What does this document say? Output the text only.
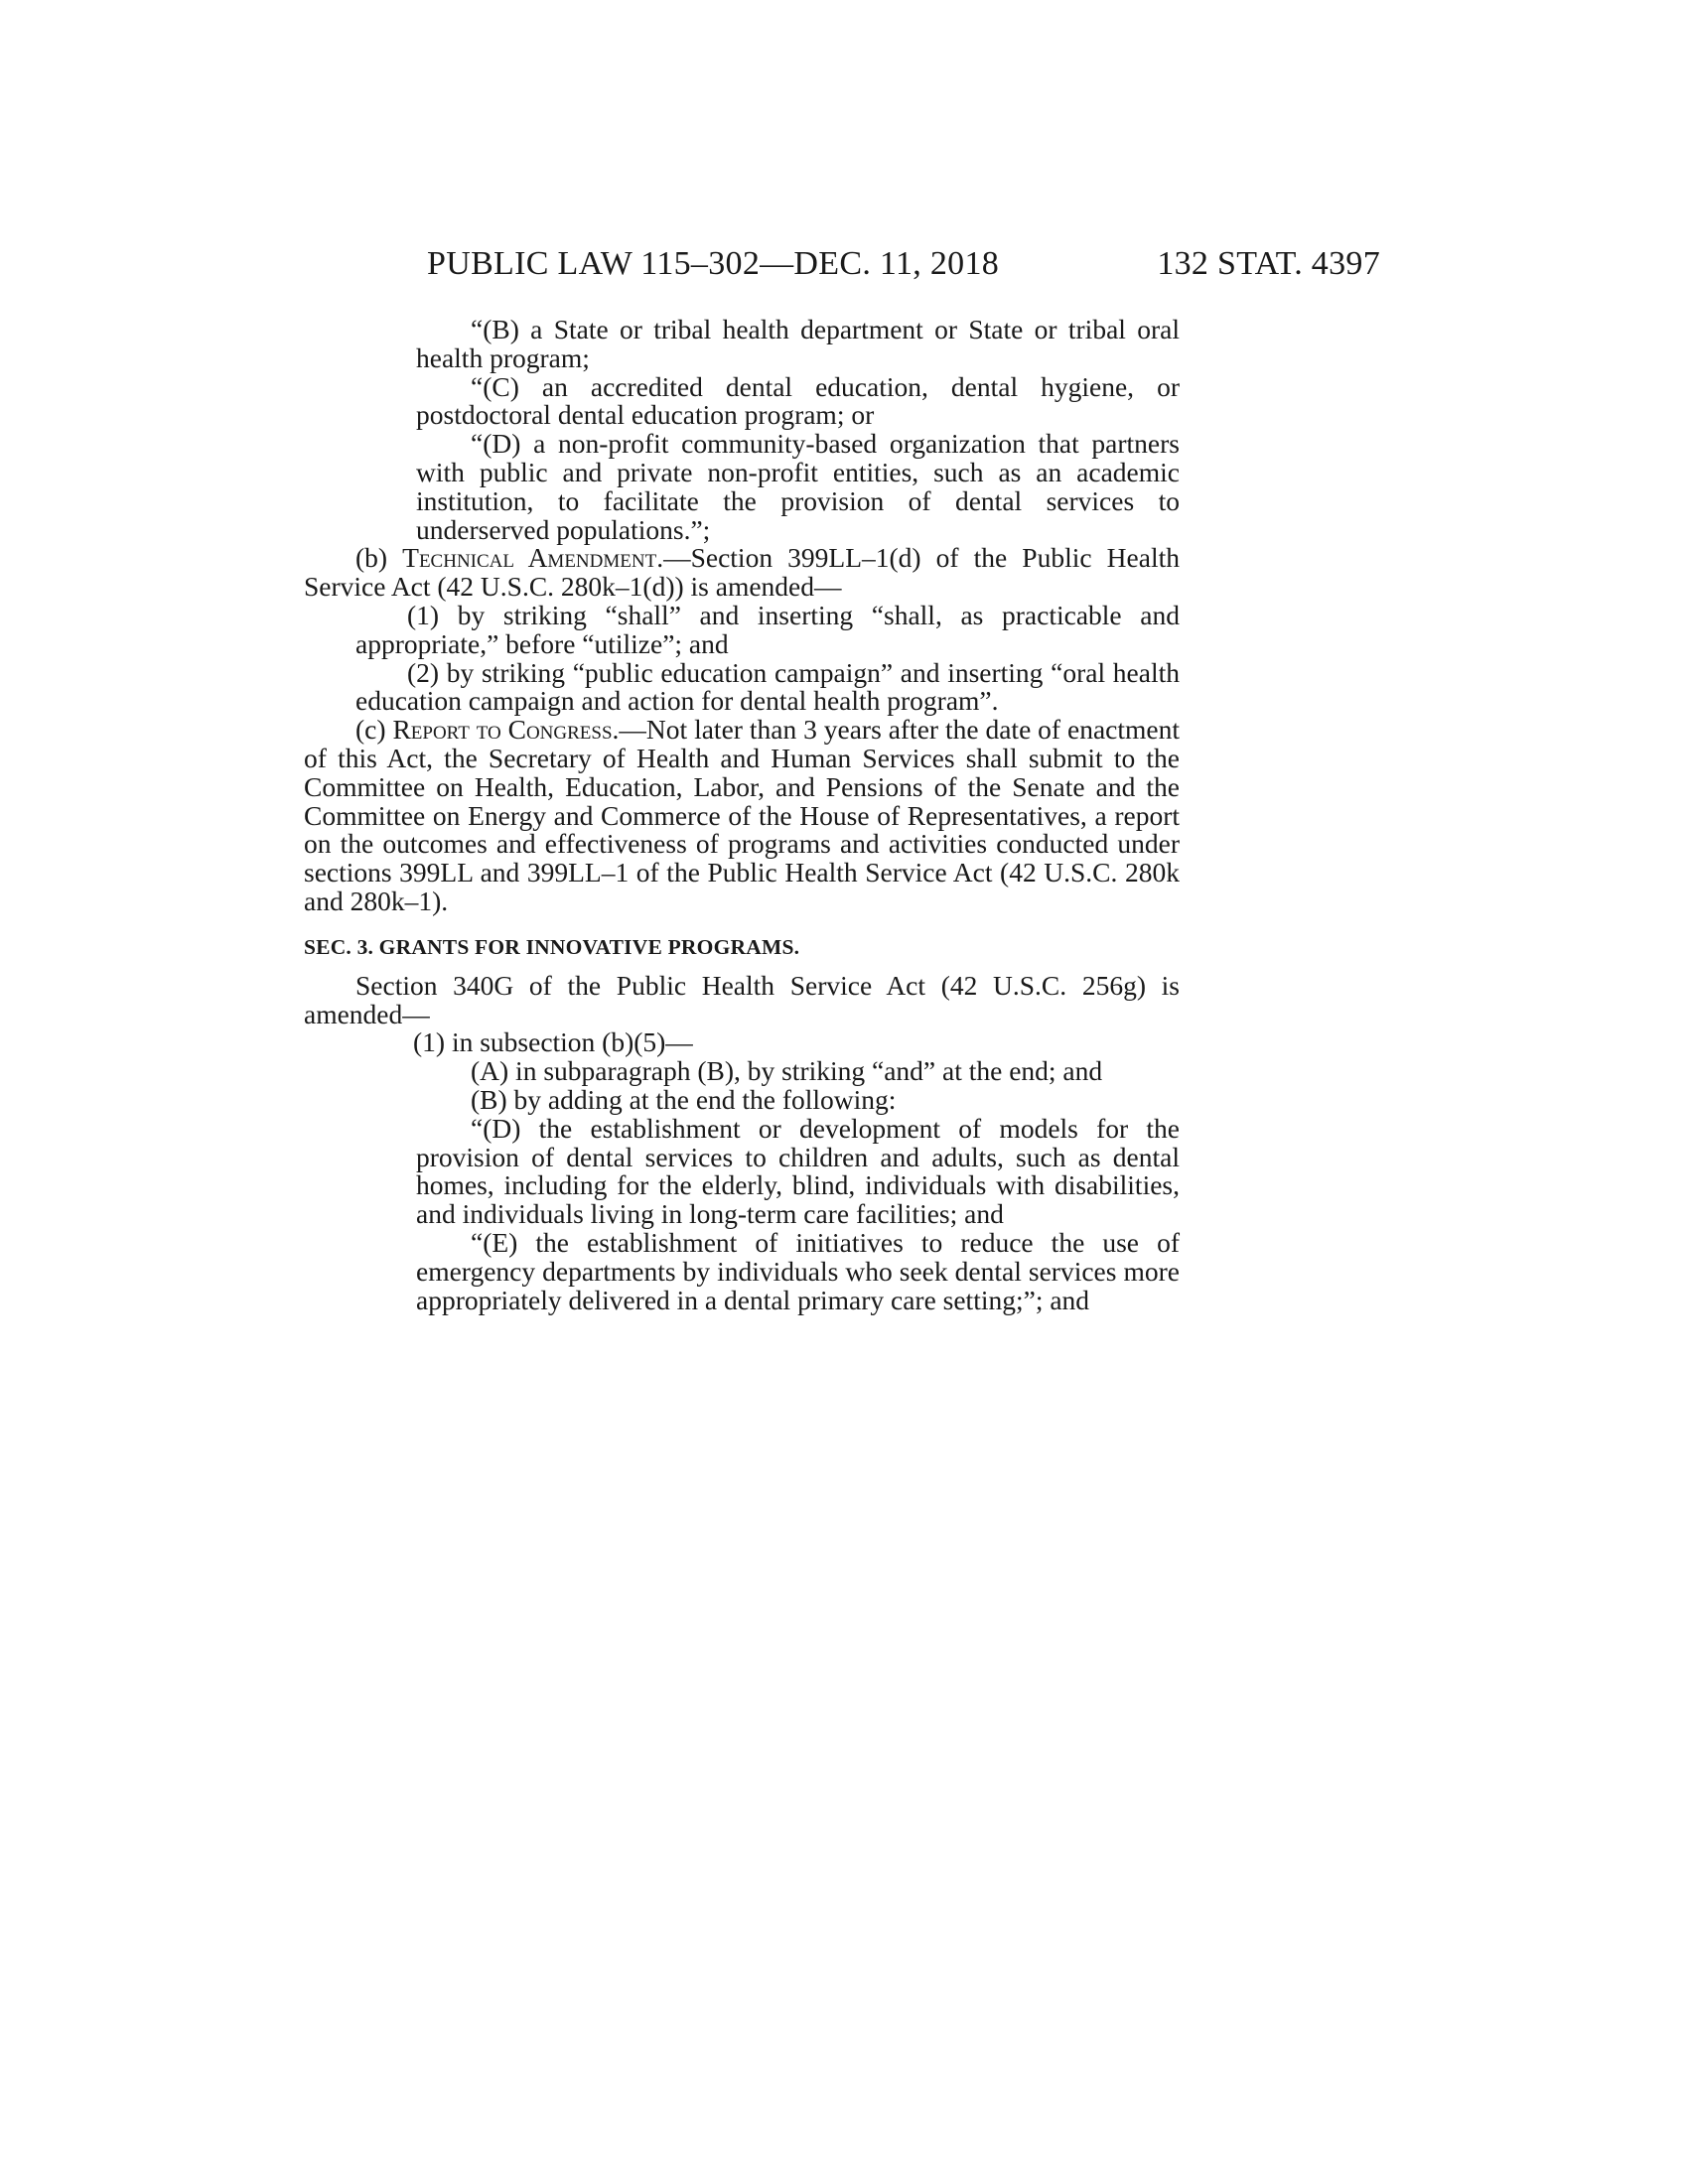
PUBLIC LAW 115–302—DEC. 11, 2018	132 STAT. 4397

“(B) a State or tribal health department or State or tribal oral health program;

“(C) an accredited dental education, dental hygiene, or postdoctoral dental education program; or

“(D) a non-profit community-based organization that partners with public and private non-profit entities, such as an academic institution, to facilitate the provision of dental services to underserved populations.”;

(b) Technical Amendment.—Section 399LL–1(d) of the Public Health Service Act (42 U.S.C. 280k–1(d)) is amended—

(1) by striking “shall” and inserting “shall, as practicable and appropriate,” before “utilize”; and

(2) by striking “public education campaign” and inserting “oral health education campaign and action for dental health program”.

(c) Report to Congress.—Not later than 3 years after the date of enactment of this Act, the Secretary of Health and Human Services shall submit to the Committee on Health, Education, Labor, and Pensions of the Senate and the Committee on Energy and Commerce of the House of Representatives, a report on the outcomes and effectiveness of programs and activities conducted under sections 399LL and 399LL–1 of the Public Health Service Act (42 U.S.C. 280k and 280k–1).

SEC. 3. GRANTS FOR INNOVATIVE PROGRAMS.

Section 340G of the Public Health Service Act (42 U.S.C. 256g) is amended—

(1) in subsection (b)(5)—

(A) in subparagraph (B), by striking “and” at the end; and

(B) by adding at the end the following:

“(D) the establishment or development of models for the provision of dental services to children and adults, such as dental homes, including for the elderly, blind, individuals with disabilities, and individuals living in long-term care facilities; and

“(E) the establishment of initiatives to reduce the use of emergency departments by individuals who seek dental services more appropriately delivered in a dental primary care setting;”; and
